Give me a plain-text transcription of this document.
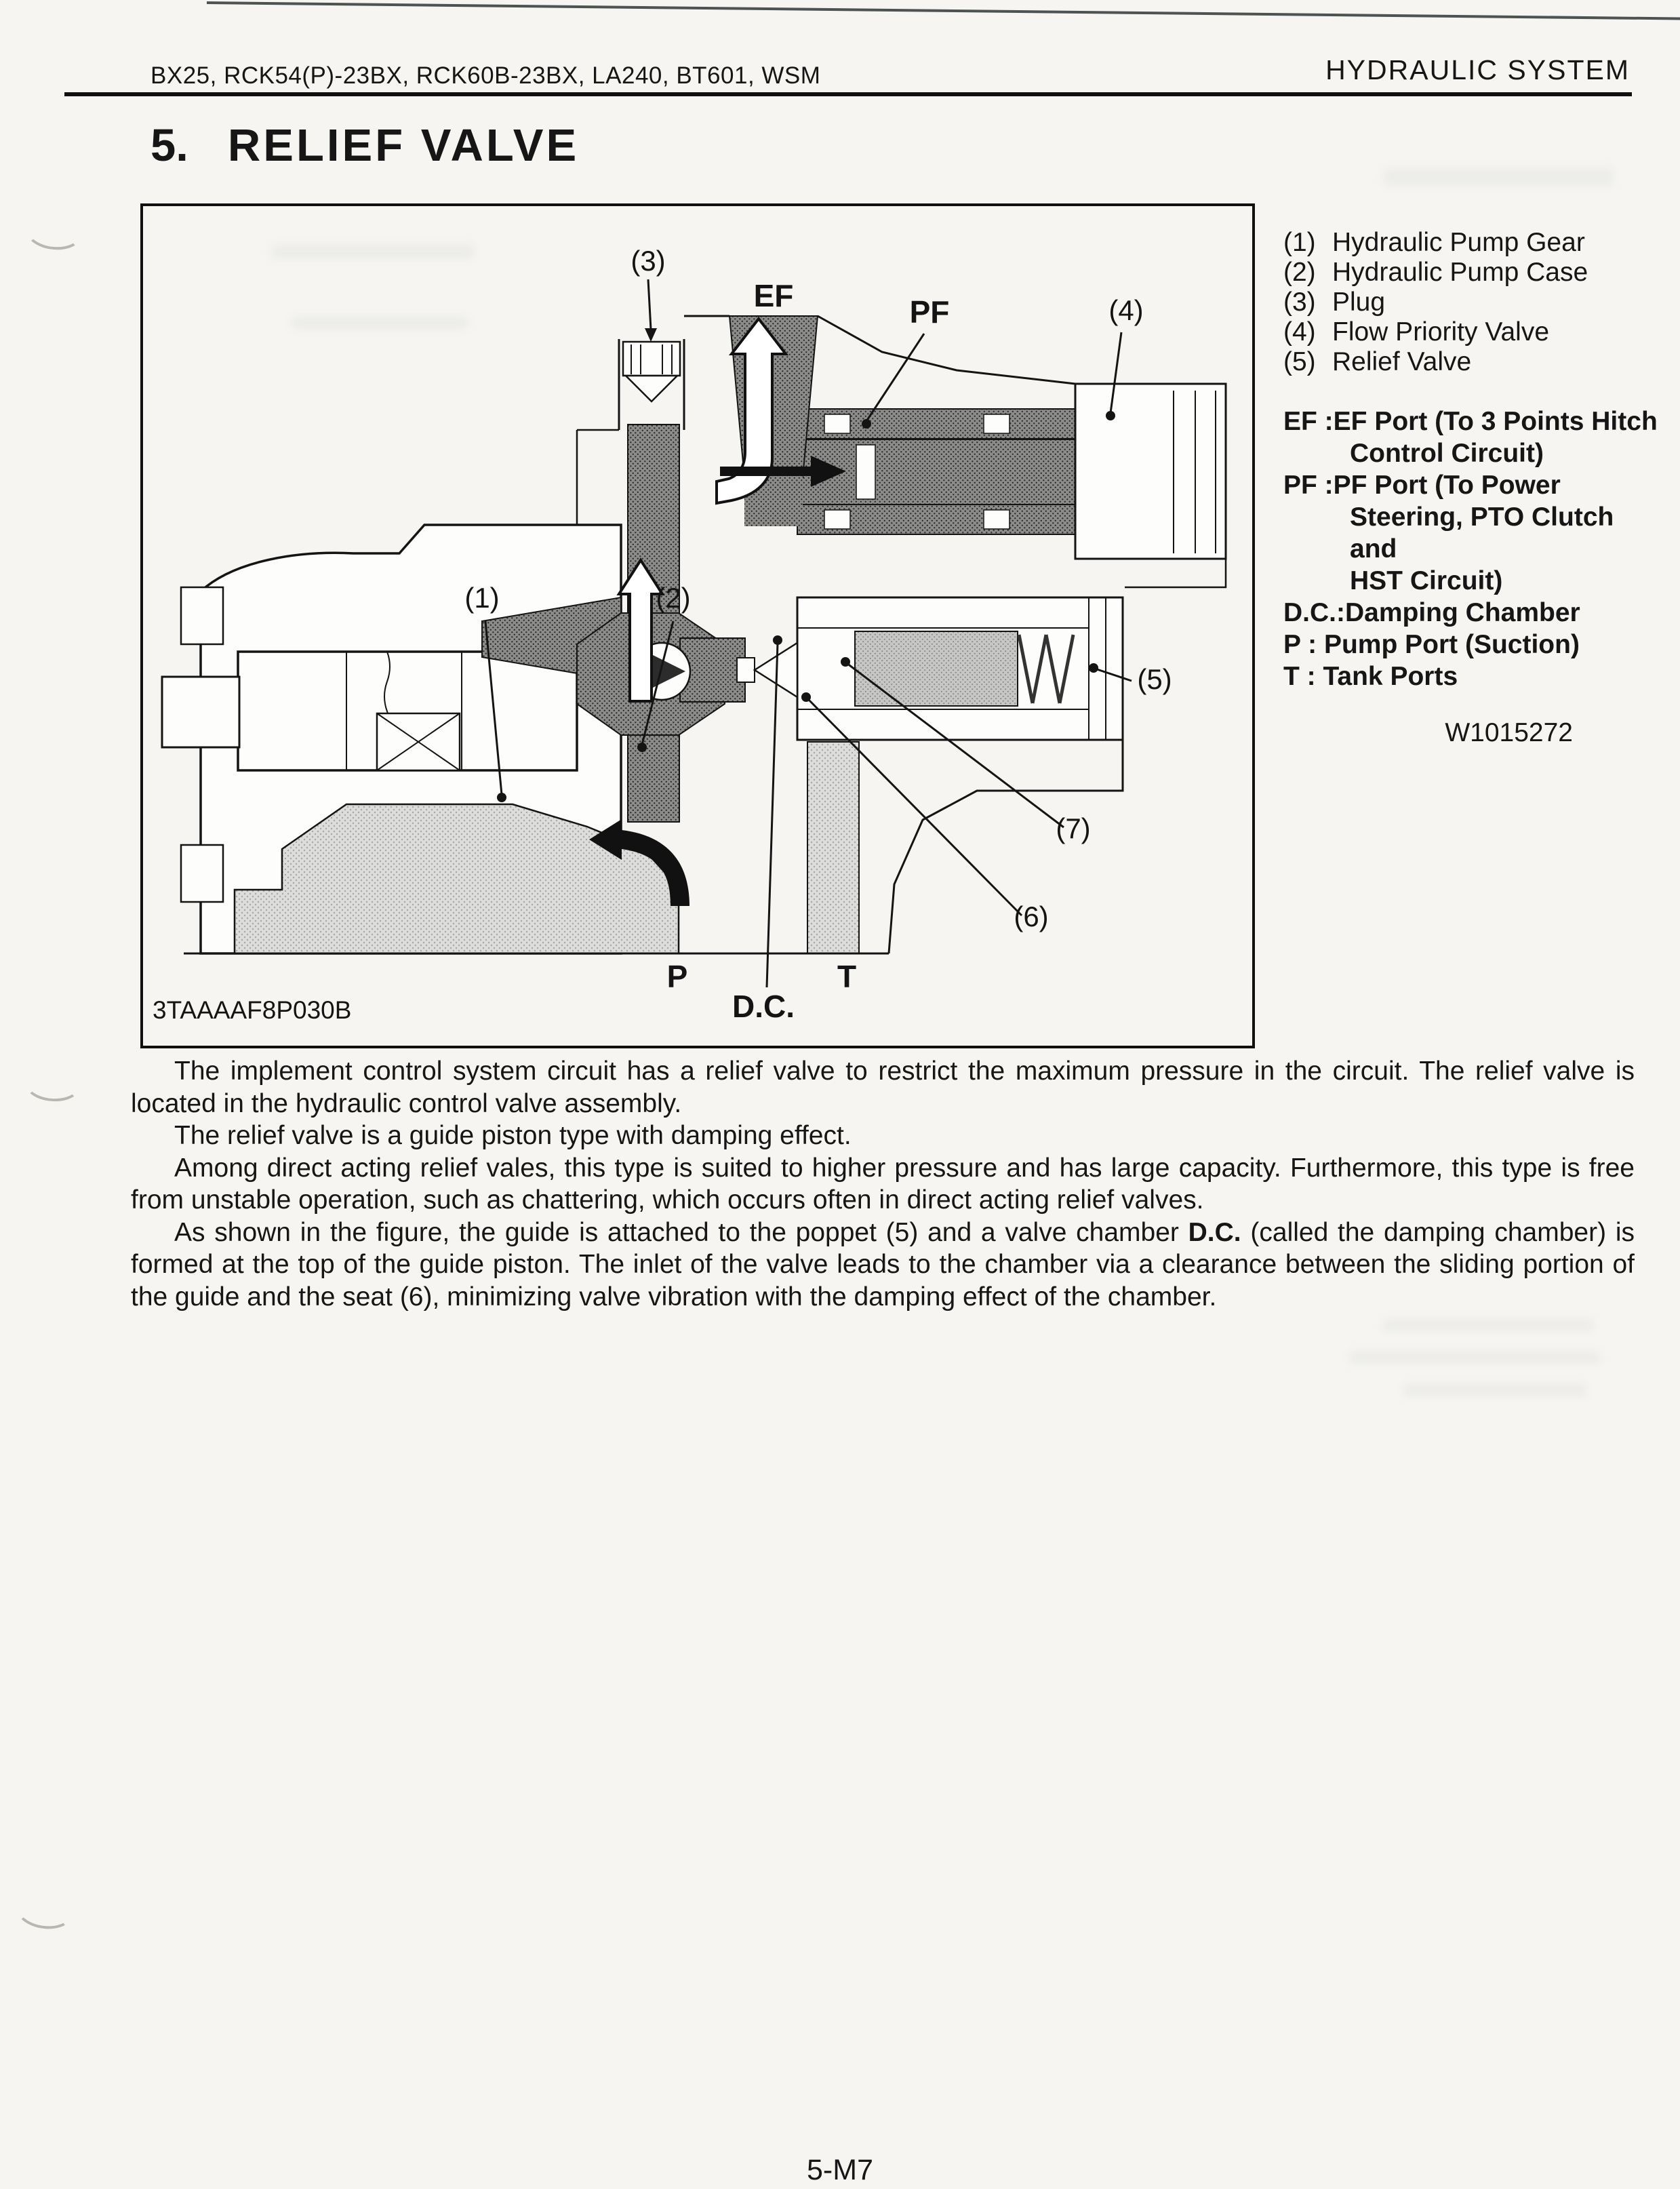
BX25, RCK54(P)-23BX, RCK60B-23BX, LA240, BT601, WSM	HYDRAULIC SYSTEM
5. RELIEF VALVE
(1)	(2)
(3)
(4)
(5)
(6)
(7)
EF	PF
P	T
D.C.
3TAAAAF8P030B
(1) Hydraulic Pump Gear
(2) Hydraulic Pump Case
(3) Plug
(4) Flow Priority Valve
(5) Relief Valve
EF :EF Port (To 3 Points Hitch
Control Circuit)
PF :PF Port (To Power
Steering, PTO Clutch and
HST Circuit)
D.C.:Damping Chamber
P : Pump Port (Suction)
T : Tank Ports
W1015272

The implement control system circuit has a relief valve to restrict the maximum pressure in the circuit. The relief valve is located in the hydraulic control valve assembly.

The relief valve is a guide piston type with damping effect.

Among direct acting relief vales, this type is suited to higher pressure and has large capacity. Furthermore, this type is free from unstable operation, such as chattering, which occurs often in direct acting relief valves.

As shown in the figure, the guide is attached to the poppet (5) and a valve chamber D.C. (called the damping chamber) is formed at the top of the guide piston. The inlet of the valve leads to the chamber via a clearance between the sliding portion of the guide and the seat (6), minimizing valve vibration with the damping effect of the chamber.

5-M7
